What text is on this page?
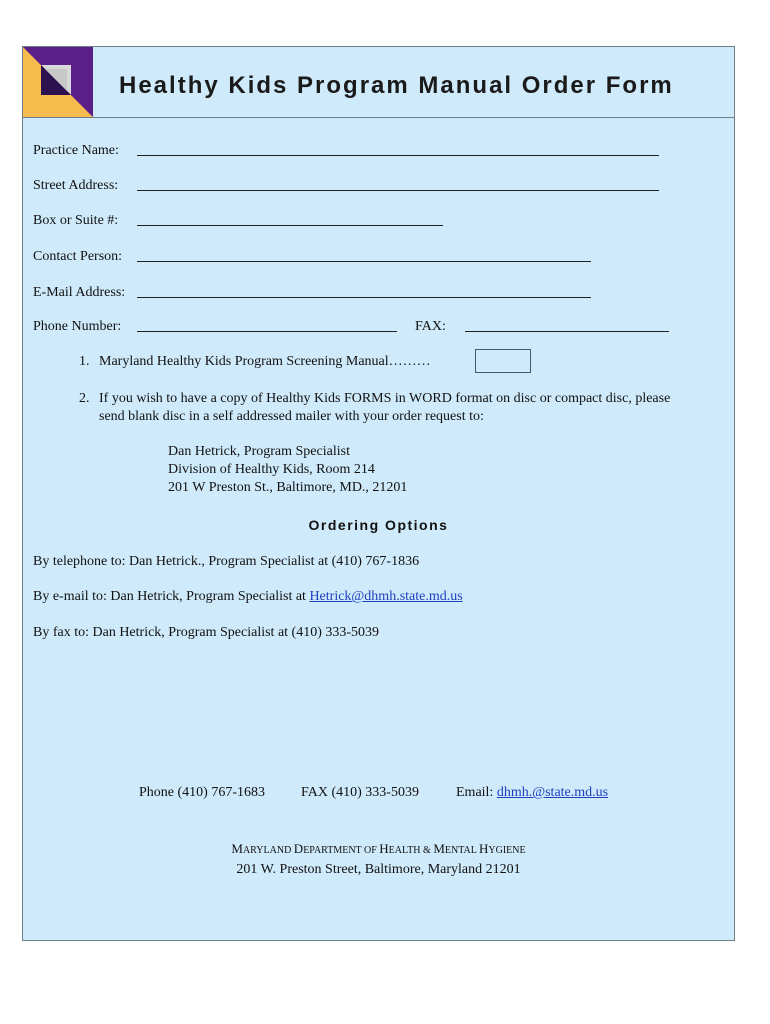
Healthy Kids Program Manual Order Form
Practice Name:
Street Address:
Box or Suite #:
Contact Person:
E-Mail Address:
Phone Number:	FAX:
1. Maryland Healthy Kids Program Screening Manual………
2. If you wish to have a copy of Healthy Kids FORMS in WORD format on disc or compact disc, please
send blank disc in a self addressed mailer with your order request to:
Dan Hetrick, Program Specialist
Division of Healthy Kids, Room 214
201 W Preston St., Baltimore, MD., 21201
Ordering Options
By telephone to: Dan Hetrick., Program Specialist at (410) 767-1836
By e-mail to: Dan Hetrick, Program Specialist at Hetrick@dhmh.state.md.us
By fax to: Dan Hetrick, Program Specialist at (410) 333-5039
Phone (410) 767-1683	FAX (410) 333-5039	Email: dhmh.@state.md.us
MARYLAND DEPARTMENT OF HEALTH & MENTAL HYGIENE
201 W. Preston Street, Baltimore, Maryland 21201
